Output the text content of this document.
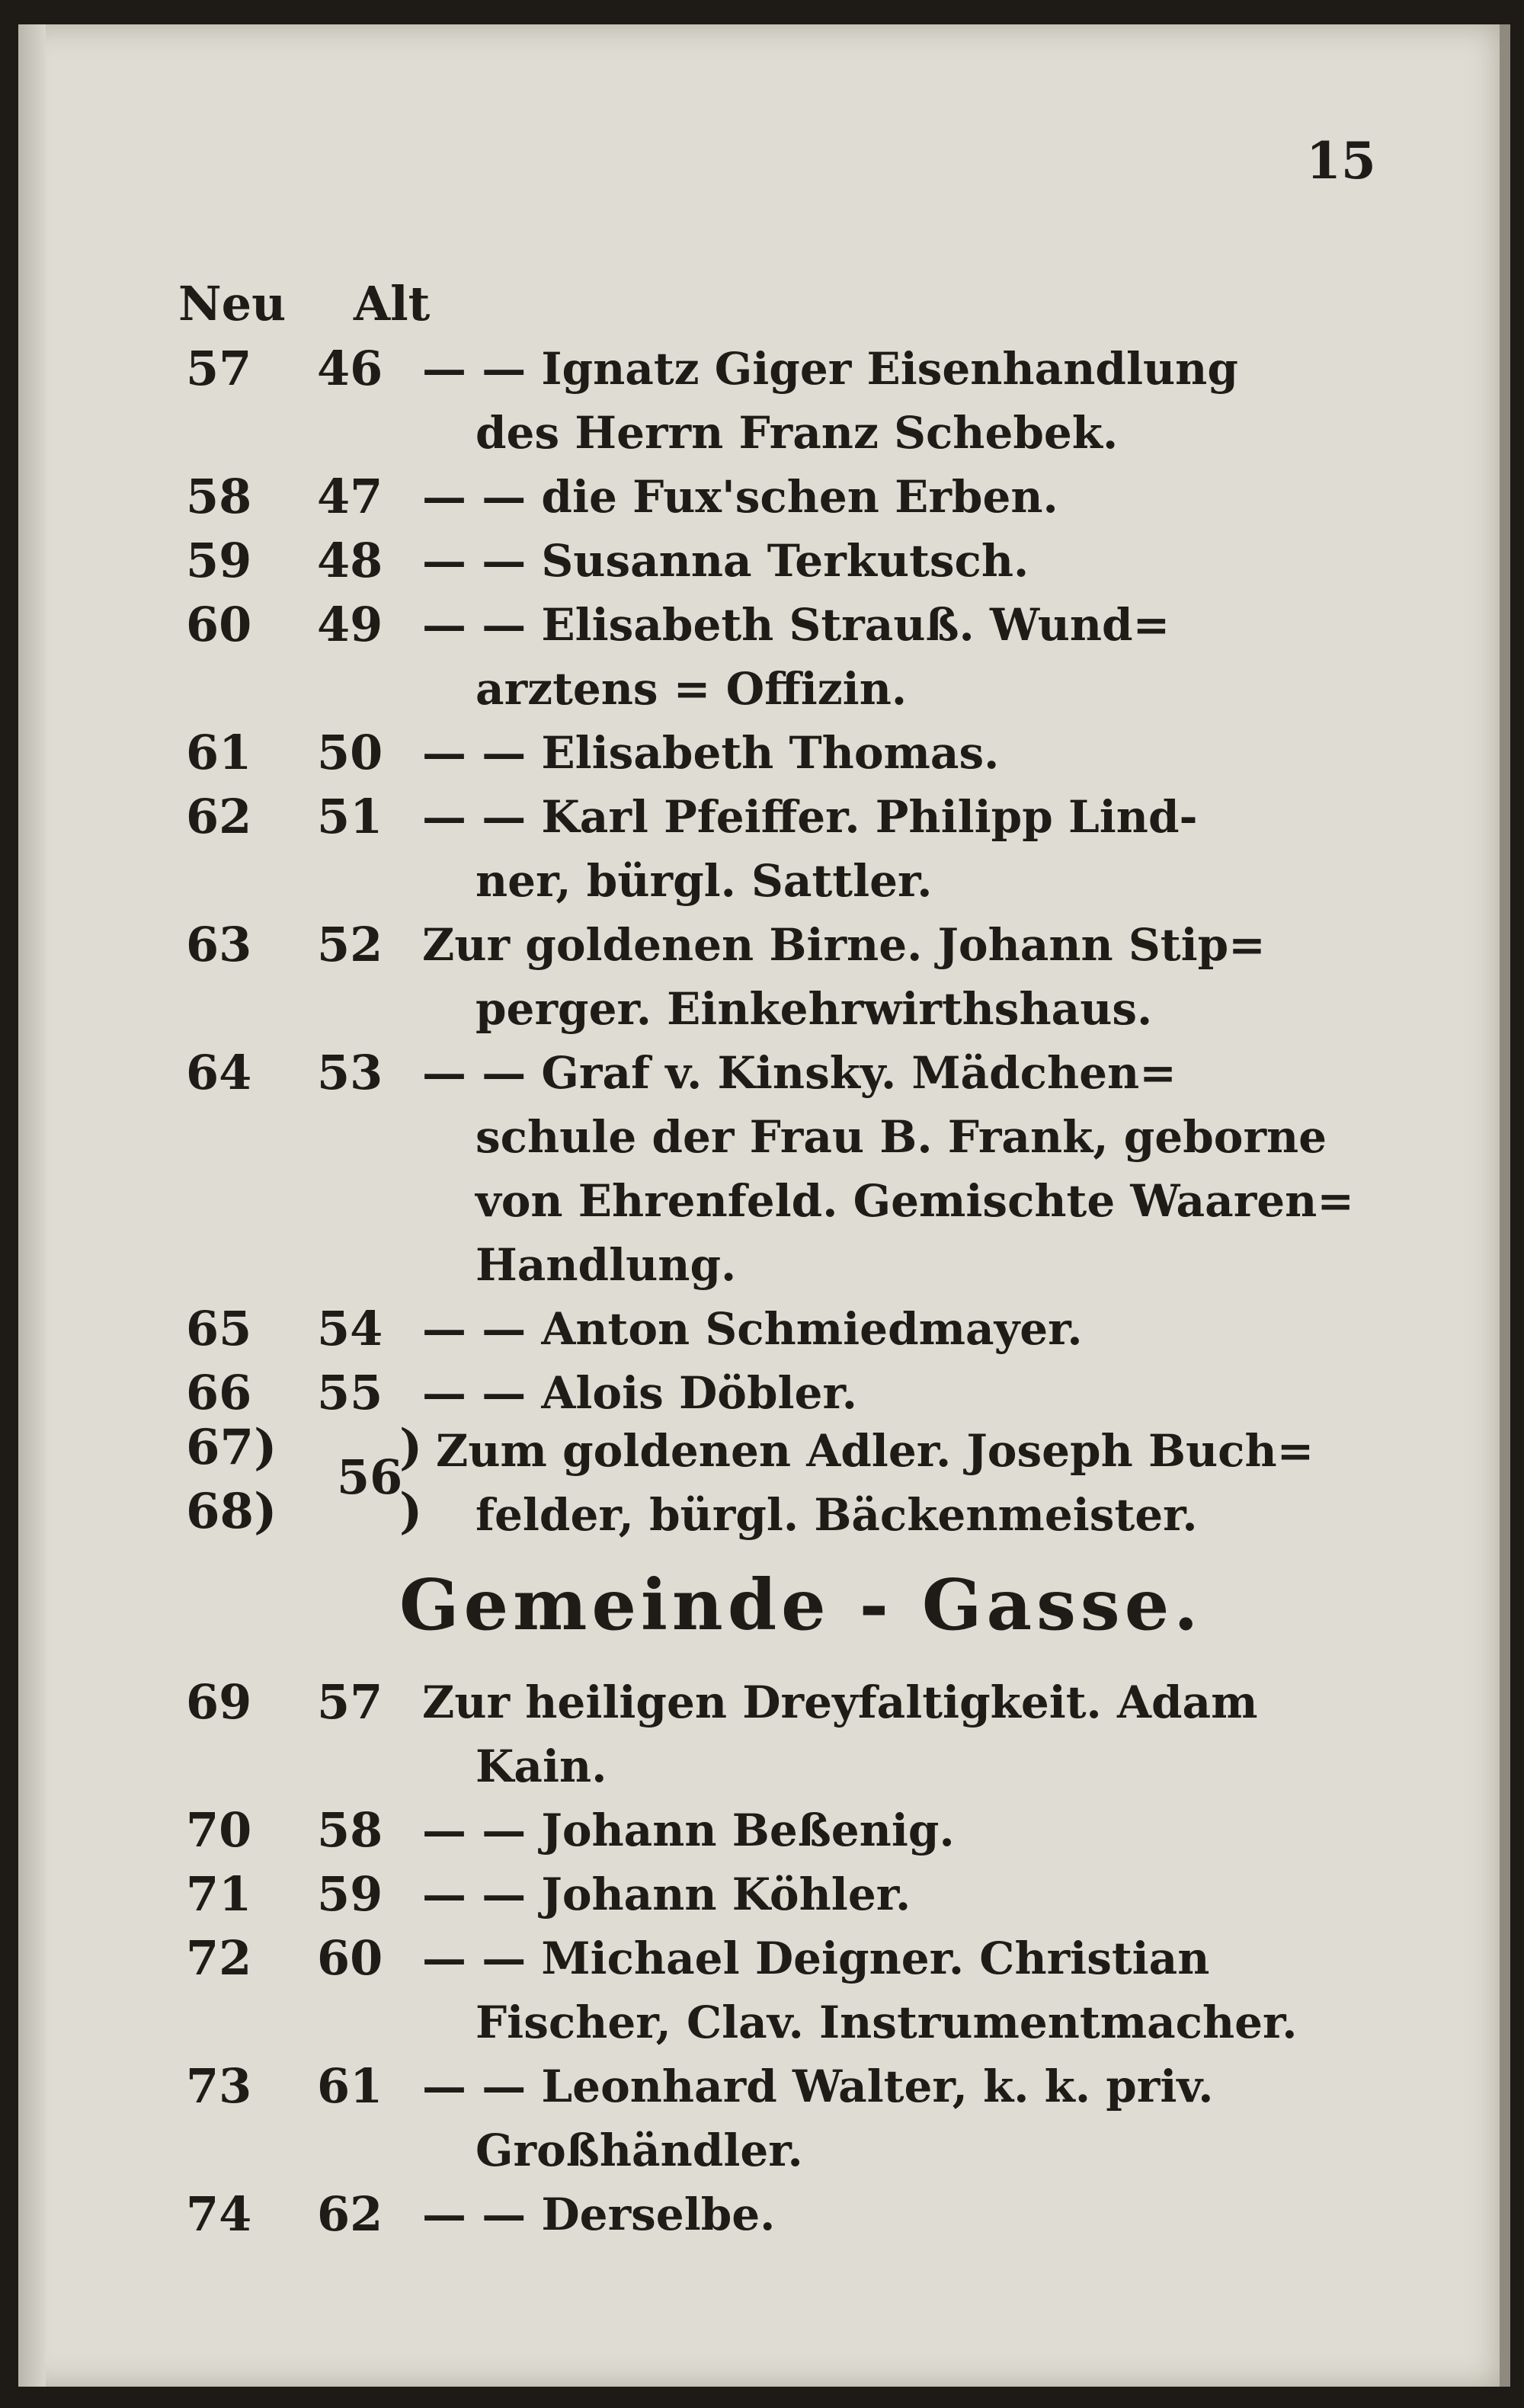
15
Neu Alt
57 46 — — Ignatz Giger Eisenhandlung
des Herrn Franz Schebek.
58 47 — — die Fux'schen Erben.
59 48 — — Susanna Terkutsch.
60 49 — — Elisabeth Strauß. Wund=
arztens = Offizin.
61 50 — — Elisabeth Thomas.
62 51 — — Karl Pfeiffer. Philipp Lind-
ner, bürgl. Sattler.
63 52 Zur goldenen Birne. Johann Stip=
perger. Einkehrwirthshaus.
64 53 — — Graf v. Kinsky. Mädchen=
schule der Frau B. Frank, geborne
von Ehrenfeld. Gemischte Waaren=
Handlung.
65 54 — — Anton Schmiedmayer.
66 55 — — Alois Döbler.
67)
68)
56
)
)
Zum goldenen Adler. Joseph Buch=
felder, bürgl. Bäckenmeister.
Gemeinde - Gasse.
69 57 Zur heiligen Dreyfaltigkeit. Adam
Kain.
70 58 — — Johann Beßenig.
71 59 — — Johann Köhler.
72 60 — — Michael Deigner. Christian
Fischer, Clav. Instrumentmacher.
73 61 — — Leonhard Walter, k. k. priv.
Großhändler.
74 62 — — Derselbe.
